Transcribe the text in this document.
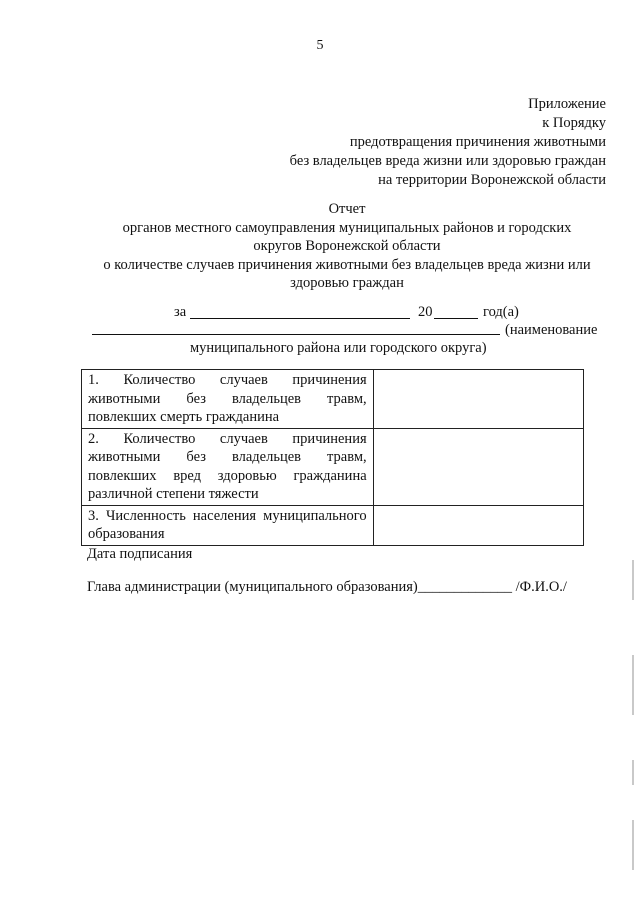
5
Приложение
к Порядку
предотвращения причинения животными
без владельцев вреда жизни или здоровью граждан
на территории Воронежской области
Отчет
органов местного самоуправления муниципальных районов и городских
округов Воронежской области
о количестве случаев причинения животными без владельцев вреда жизни или
здоровью граждан
за	20	год(а)
(наименование
муниципального района или городского округа)
1. Количество случаев причинения животными без владельцев травм, повлекших смерть гражданина	

2. Количество случаев причинения животными без владельцев травм, повлекших вред здоровью гражданина различной степени тяжести	

3. Численность населения муниципального образования	

Дата подписания
Глава администрации (муниципального образования)_____________ /Ф.И.О./
